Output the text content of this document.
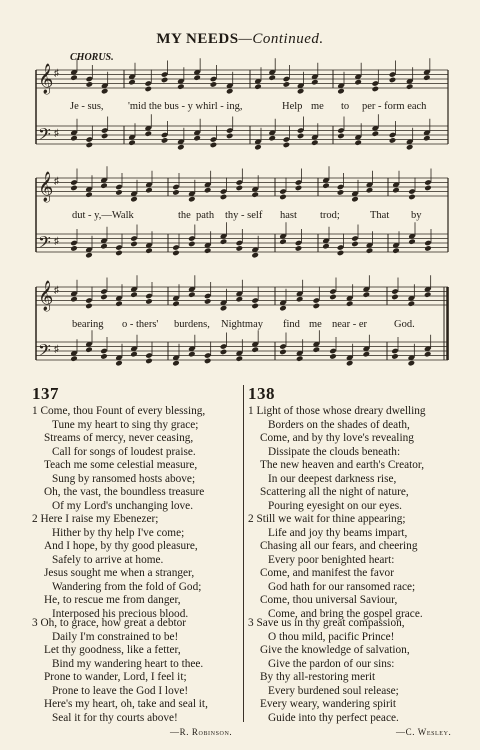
MY NEEDS—Continued.
CHORUS.
𝄞 ♯
𝄢 ♯
𝄞 ♯
𝄢 ♯
𝄞 ♯
𝄢 ♯
Je - sus, 'mid the bus - y whirl - ing,	Help me to per - form each
dut - y,—Walk	the path thy - self hast trod;	That by
bearing o - thers' burdens, Nightmay find me near - er	God.
137
1 Come, thou Fount of every blessing,
Tune my heart to sing thy grace;
Streams of mercy, never ceasing,
Call for songs of loudest praise.
Teach me some celestial measure,
Sung by ransomed hosts above;
Oh, the vast, the boundless treasure
Of my Lord's unchanging love.
2 Here I raise my Ebenezer;
Hither by thy help I've come;
And I hope, by thy good pleasure,
Safely to arrive at home.
Jesus sought me when a stranger,
Wandering from the fold of God;
He, to rescue me from danger,
Interposed his precious blood.
3 Oh, to grace, how great a debtor
Daily I'm constrained to be!
Let thy goodness, like a fetter,
Bind my wandering heart to thee.
Prone to wander, Lord, I feel it;
Prone to leave the God I love!
Here's my heart, oh, take and seal it,
Seal it for thy courts above!
—R. Robinson.
138
1 Light of those whose dreary dwelling
Borders on the shades of death,
Come, and by thy love's revealing
Dissipate the clouds beneath:
The new heaven and earth's Creator,
In our deepest darkness rise,
Scattering all the night of nature,
Pouring eyesight on our eyes.
2 Still we wait for thine appearing;
Life and joy thy beams impart,
Chasing all our fears, and cheering
Every poor benighted heart:
Come, and manifest the favor
God hath for our ransomed race;
Come, thou universal Saviour,
Come, and bring the gospel grace.
3 Save us in thy great compassion,
O thou mild, pacific Prince!
Give the knowledge of salvation,
Give the pardon of our sins:
By thy all-restoring merit
Every burdened soul release;
Every weary, wandering spirit
Guide into thy perfect peace.
—C. Wesley.
